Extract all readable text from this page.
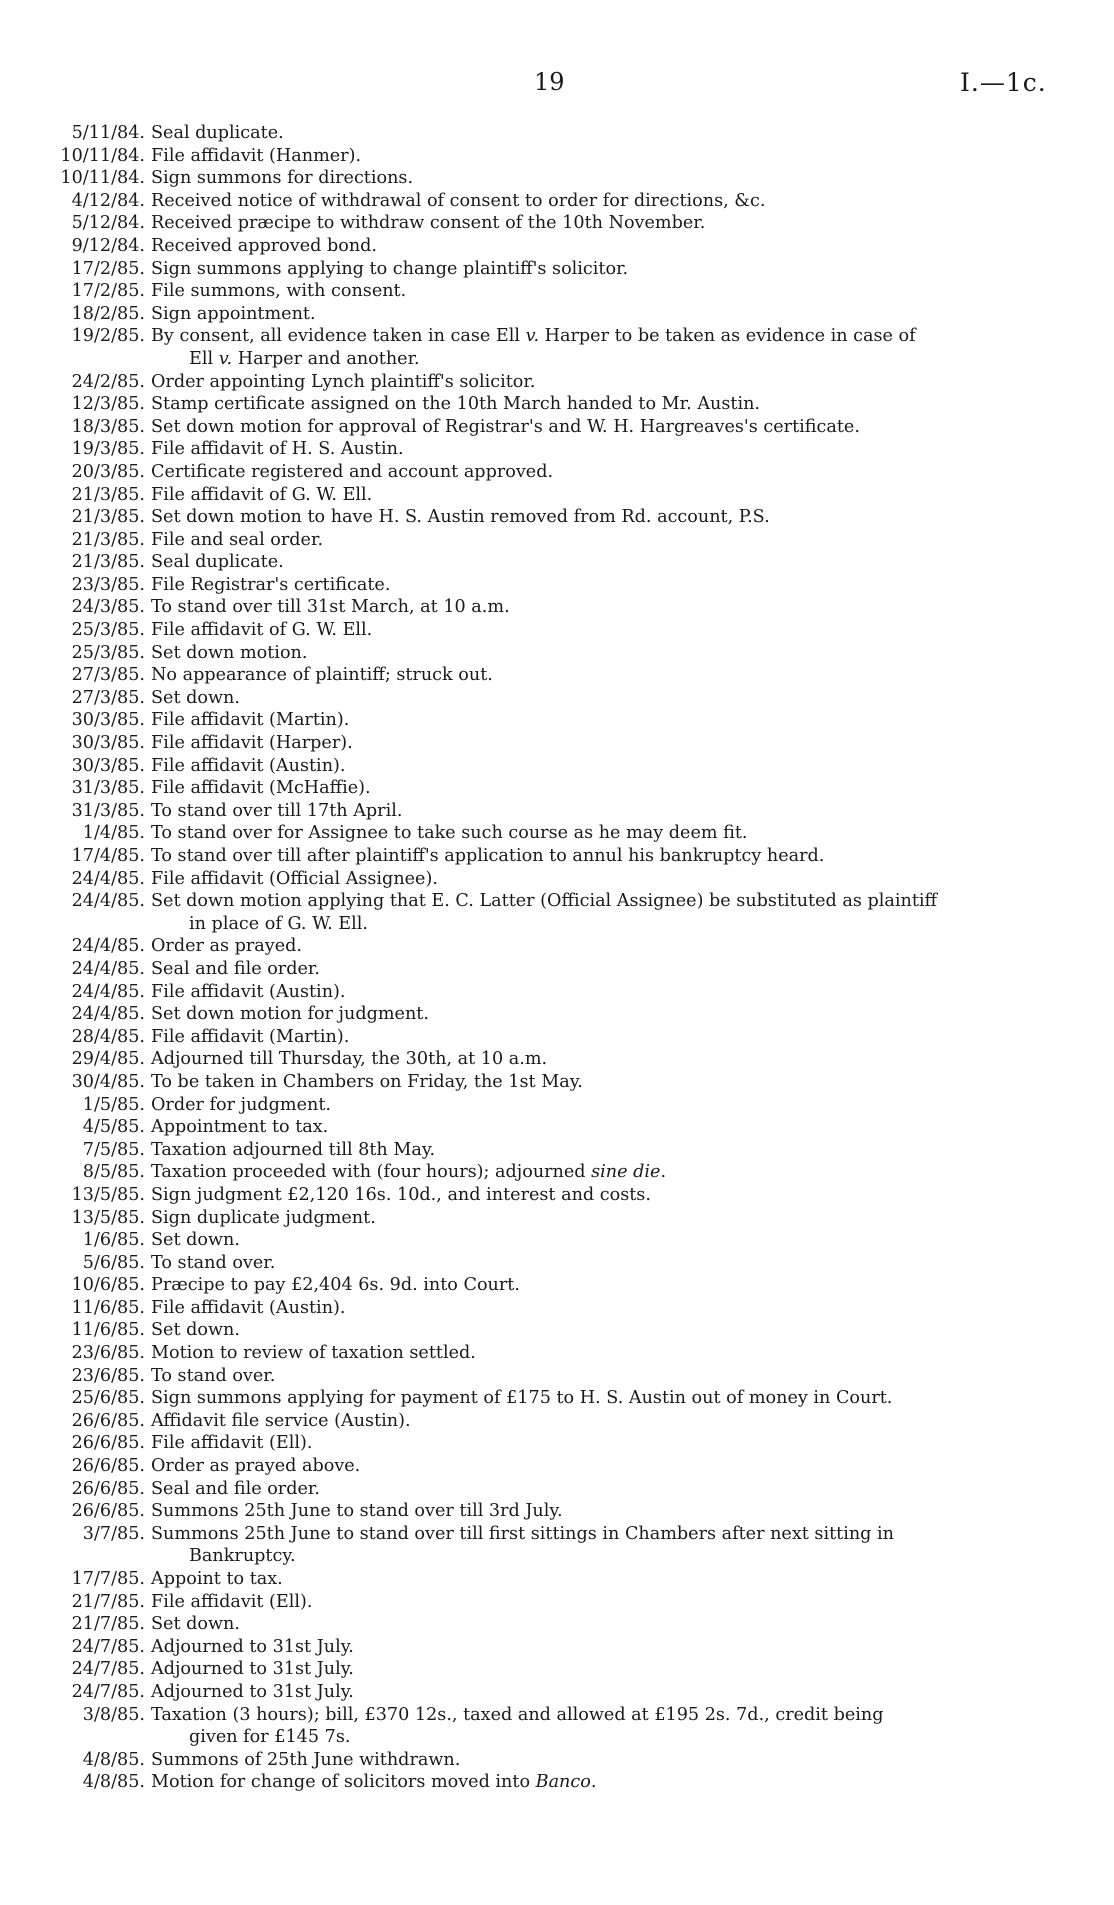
19	I.—1c.
5/11/84. Seal duplicate.
10/11/84. File affidavit (Hanmer).
10/11/84. Sign summons for directions.
4/12/84. Received notice of withdrawal of consent to order for directions, &c.
5/12/84. Received præcipe to withdraw consent of the 10th November.
9/12/84. Received approved bond.
17/2/85. Sign summons applying to change plaintiff's solicitor.
17/2/85. File summons, with consent.
18/2/85. Sign appointment.
19/2/85. By consent, all evidence taken in case Ell v. Harper to be taken as evidence in case of
Ell v. Harper and another.
24/2/85. Order appointing Lynch plaintiff's solicitor.
12/3/85. Stamp certificate assigned on the 10th March handed to Mr. Austin.
18/3/85. Set down motion for approval of Registrar's and W. H. Hargreaves's certificate.
19/3/85. File affidavit of H. S. Austin.
20/3/85. Certificate registered and account approved.
21/3/85. File affidavit of G. W. Ell.
21/3/85. Set down motion to have H. S. Austin removed from Rd. account, P.S.
21/3/85. File and seal order.
21/3/85. Seal duplicate.
23/3/85. File Registrar's certificate.
24/3/85. To stand over till 31st March, at 10 a.m.
25/3/85. File affidavit of G. W. Ell.
25/3/85. Set down motion.
27/3/85. No appearance of plaintiff; struck out.
27/3/85. Set down.
30/3/85. File affidavit (Martin).
30/3/85. File affidavit (Harper).
30/3/85. File affidavit (Austin).
31/3/85. File affidavit (McHaffie).
31/3/85. To stand over till 17th April.
1/4/85. To stand over for Assignee to take such course as he may deem fit.
17/4/85. To stand over till after plaintiff's application to annul his bankruptcy heard.
24/4/85. File affidavit (Official Assignee).
24/4/85. Set down motion applying that E. C. Latter (Official Assignee) be substituted as plaintiff
in place of G. W. Ell.
24/4/85. Order as prayed.
24/4/85. Seal and file order.
24/4/85. File affidavit (Austin).
24/4/85. Set down motion for judgment.
28/4/85. File affidavit (Martin).
29/4/85. Adjourned till Thursday, the 30th, at 10 a.m.
30/4/85. To be taken in Chambers on Friday, the 1st May.
1/5/85. Order for judgment.
4/5/85. Appointment to tax.
7/5/85. Taxation adjourned till 8th May.
8/5/85. Taxation proceeded with (four hours); adjourned sine die.
13/5/85. Sign judgment £2,120 16s. 10d., and interest and costs.
13/5/85. Sign duplicate judgment.
1/6/85. Set down.
5/6/85. To stand over.
10/6/85. Præcipe to pay £2,404 6s. 9d. into Court.
11/6/85. File affidavit (Austin).
11/6/85. Set down.
23/6/85. Motion to review of taxation settled.
23/6/85. To stand over.
25/6/85. Sign summons applying for payment of £175 to H. S. Austin out of money in Court.
26/6/85. Affidavit file service (Austin).
26/6/85. File affidavit (Ell).
26/6/85. Order as prayed above.
26/6/85. Seal and file order.
26/6/85. Summons 25th June to stand over till 3rd July.
3/7/85. Summons 25th June to stand over till first sittings in Chambers after next sitting in
Bankruptcy.
17/7/85. Appoint to tax.
21/7/85. File affidavit (Ell).
21/7/85. Set down.
24/7/85. Adjourned to 31st July.
24/7/85. Adjourned to 31st July.
24/7/85. Adjourned to 31st July.
3/8/85. Taxation (3 hours); bill, £370 12s., taxed and allowed at £195 2s. 7d., credit being
given for £145 7s.
4/8/85. Summons of 25th June withdrawn.
4/8/85. Motion for change of solicitors moved into Banco.
